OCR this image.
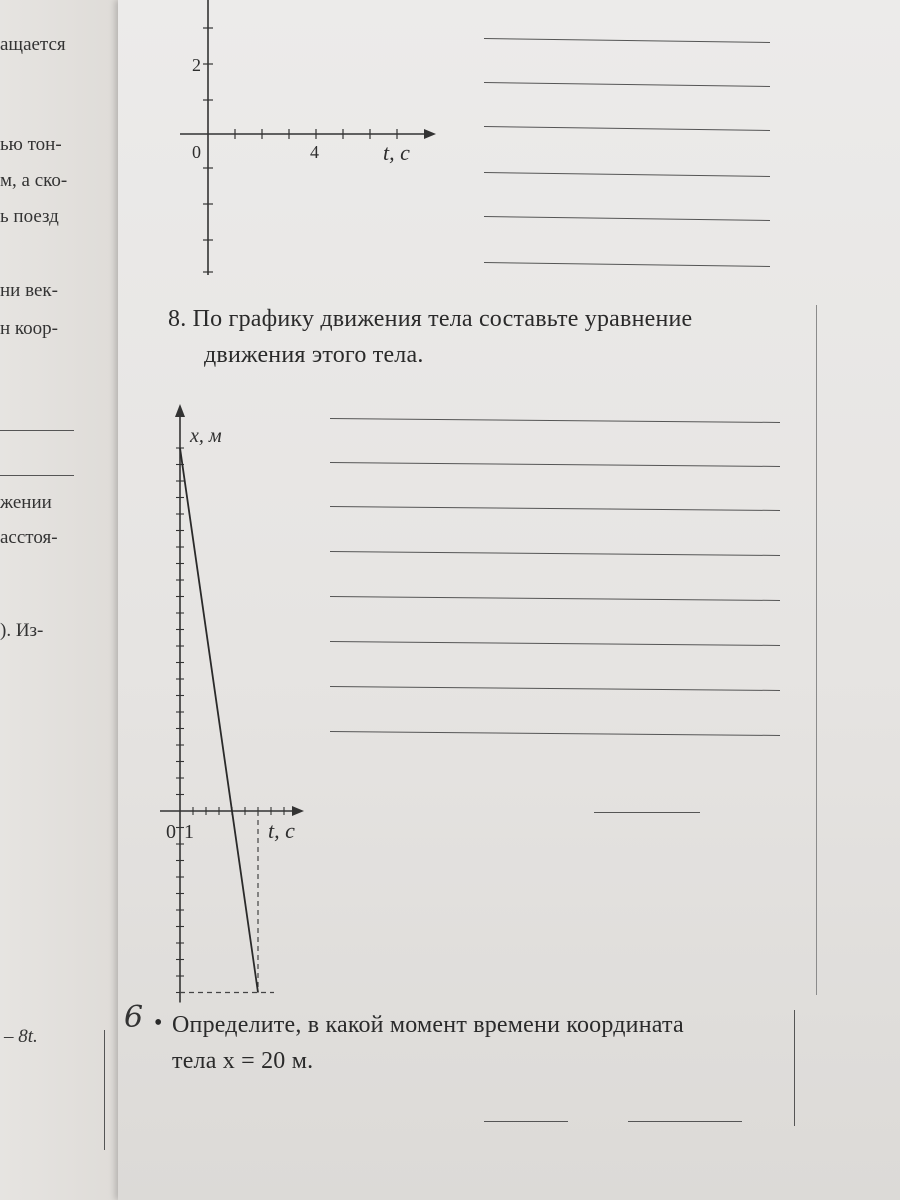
ащается
ью тон-
м, а ско-
ь поезд
ни век-
н коор-
жении
асстоя-
). Из-
– 8t.
2
0	4	t, c
8. По графику движения тела составьте уравнение
движения этого тела.
x, м
0 1	t, c
6 • Определите, в какой момент времени координата
тела x = 20 м.
